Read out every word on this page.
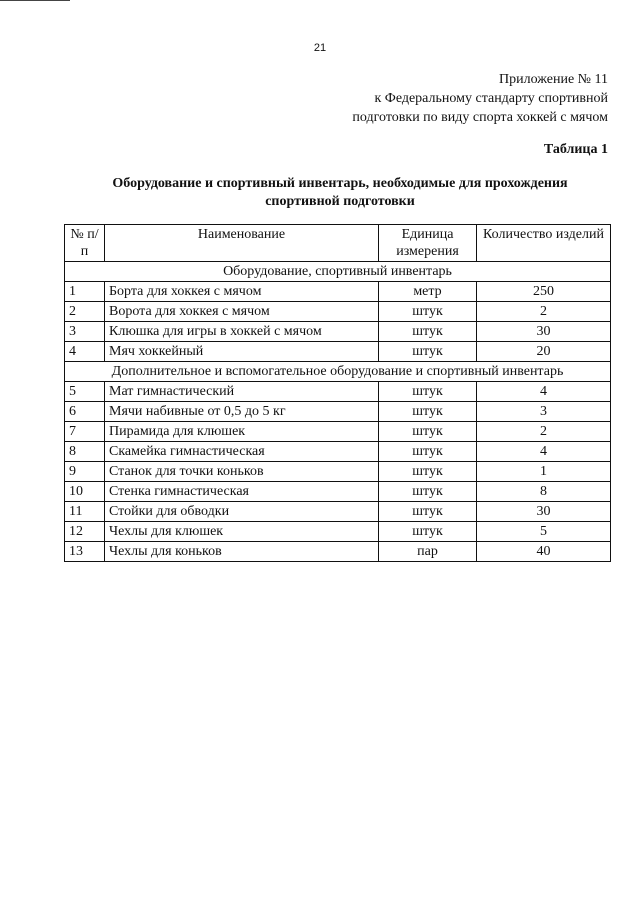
21
Приложение № 11
к Федеральному стандарту спортивной
подготовки по виду спорта хоккей с мячом
Таблица 1
Оборудование и спортивный инвентарь, необходимые для прохождения
спортивной подготовки
№ п/п	Наименование	Единица измерения	Количество изделий
Оборудование, спортивный инвентарь			
1	Борта для хоккея с мячом	метр	250
2	Ворота для хоккея с мячом	штук	2
3	Клюшка для игры в хоккей с мячом	штук	30
4	Мяч хоккейный	штук	20
Дополнительное и вспомогательное оборудование и спортивный инвентарь			
5	Мат гимнастический	штук	4
6	Мячи набивные от 0,5 до 5 кг	штук	3
7	Пирамида для клюшек	штук	2
8	Скамейка гимнастическая	штук	4
9	Станок для точки коньков	штук	1
10	Стенка гимнастическая	штук	8
11	Стойки для обводки	штук	30
12	Чехлы для клюшек	штук	5
13	Чехлы для коньков	пар	40
